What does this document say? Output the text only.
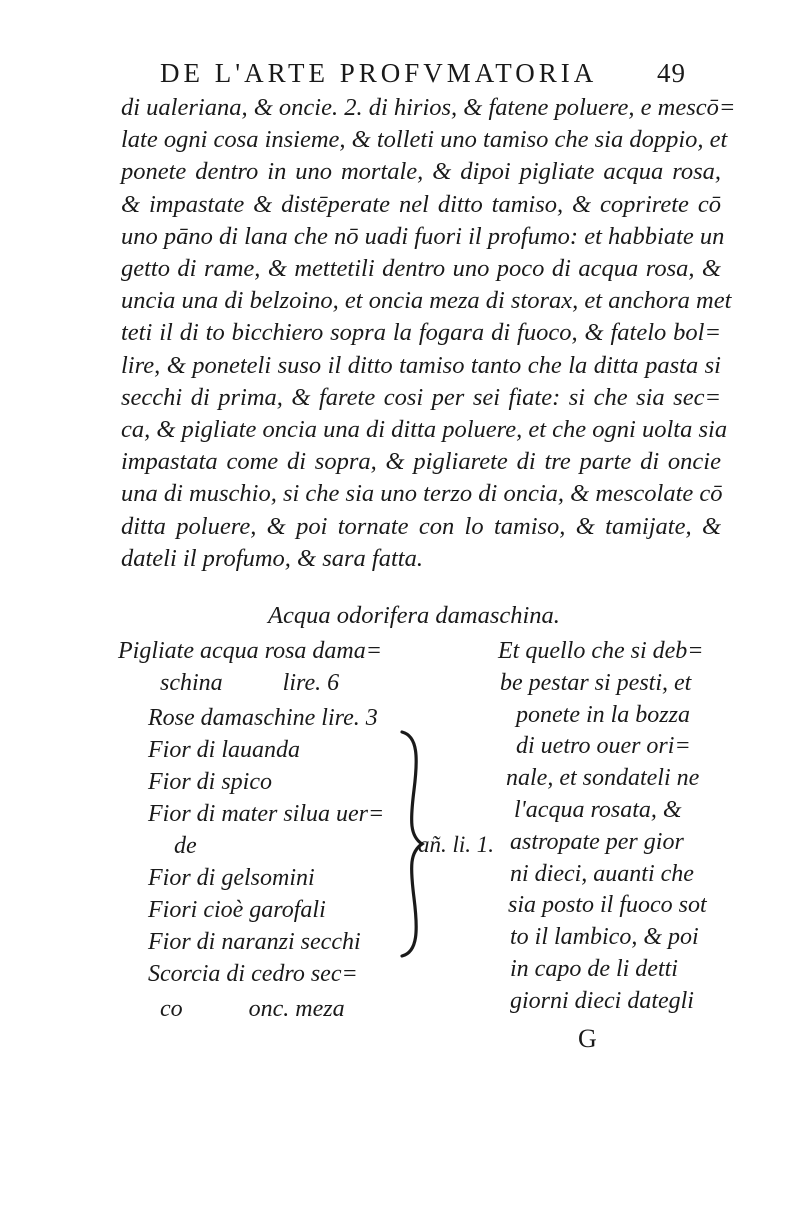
DE L'ARTE PROFVMATORIA 49
di ualeriana, & oncie. 2. di hirios, & fatene poluere, e mescō=
late ogni cosa insieme, & tolleti uno tamiso che sia doppio, et
ponete dentro in uno mortale, & dipoi pigliate acqua rosa,
& impastate & distēperate nel ditto tamiso, & coprirete cō
uno pāno di lana che nō uadi fuori il profumo: et habbiate un
getto di rame, & mettetili dentro uno poco di acqua rosa, &
uncia una di belzoino, et oncia meza di storax, et anchora met
teti il di to bicchiero sopra la fogara di fuoco, & fatelo bol=
lire, & poneteli suso il ditto tamiso tanto che la ditta pasta si
secchi di prima, & farete cosi per sei fiate: si che sia sec=
ca, & pigliate oncia una di ditta poluere, et che ogni uolta sia
impastata come di sopra, & pigliarete di tre parte di oncie
una di muschio, si che sia uno terzo di oncia, & mescolate cō
ditta poluere, & poi tornate con lo tamiso, & tamijate, &
dateli il profumo, & sara fatta.
Acqua odorifera damaschina.
Pigliate acqua rosa dama=
schina          lire. 6
Rose damaschine lire. 3
Fior di lauanda
Fior di spico
Fior di mater silua uer=
de
Fior di gelsomini
Fiori cioè garofali
Fior di naranzi secchi
Scorcia di cedro sec=
co           onc. meza
añ. li. 1.
Et quello che si deb=
be pestar si pesti, et
ponete in la bozza
di uetro ouer ori=
nale, et sondateli ne
l'acqua rosata, &
astropate per gior
ni dieci, auanti che
sia posto il fuoco sot
to il lambico, & poi
in capo de li detti
giorni dieci dategli
G
